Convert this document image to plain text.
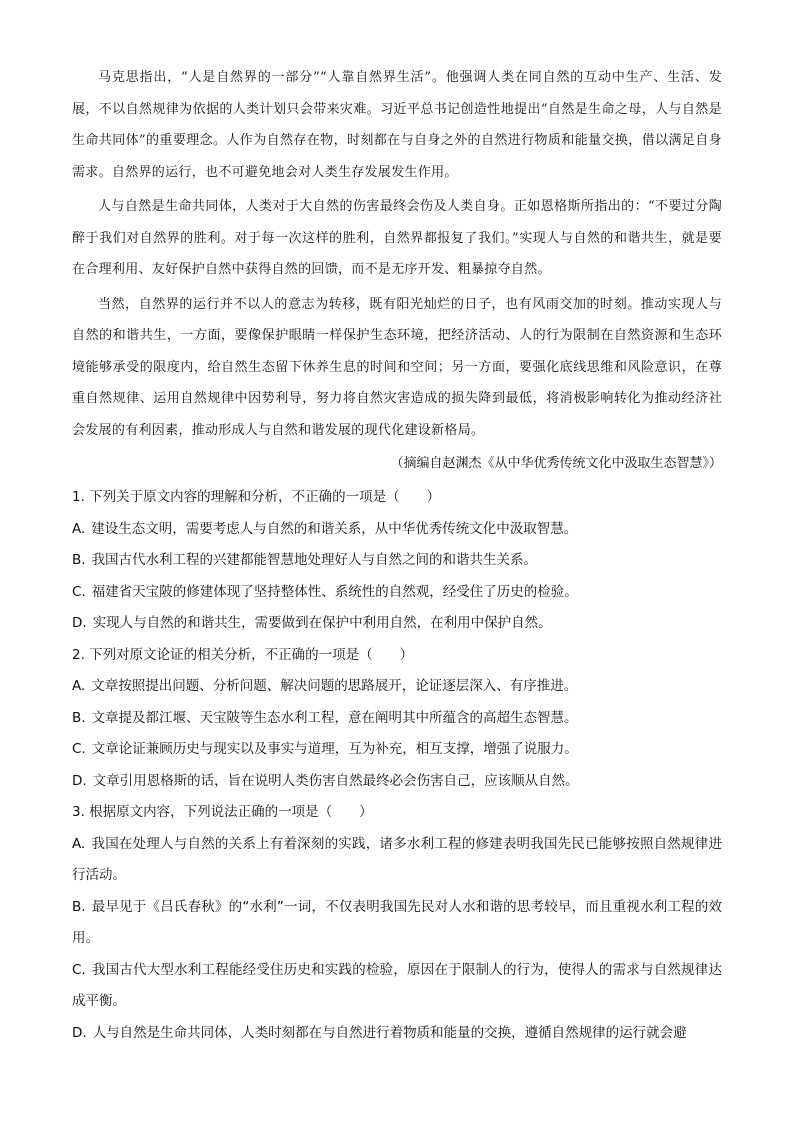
马克思指出，“人是自然界的一部分”“人靠自然界生活”。他强调人类在同自然的互动中生产、生活、发展，不以自然规律为依据的人类计划只会带来灾难。习近平总书记创造性地提出“自然是生命之母，人与自然是生命共同体”的重要理念。人作为自然存在物，时刻都在与自身之外的自然进行物质和能量交换，借以满足自身需求。自然界的运行，也不可避免地会对人类生存发展发生作用。

人与自然是生命共同体，人类对于大自然的伤害最终会伤及人类自身。正如恩格斯所指出的：“不要过分陶醉于我们对自然界的胜利。对于每一次这样的胜利，自然界都报复了我们。”实现人与自然的和谐共生，就是要在合理利用、友好保护自然中获得自然的回馈，而不是无序开发、粗暴掠夺自然。

当然，自然界的运行并不以人的意志为转移，既有阳光灿烂的日子，也有风雨交加的时刻。推动实现人与自然的和谐共生，一方面，要像保护眼睛一样保护生态环境，把经济活动、人的行为限制在自然资源和生态环境能够承受的限度内，给自然生态留下休养生息的时间和空间；另一方面，要强化底线思维和风险意识，在尊重自然规律、运用自然规律中因势利导，努力将自然灾害造成的损失降到最低，将消极影响转化为推动经济社会发展的有利因素，推动形成人与自然和谐发展的现代化建设新格局。

（摘编自赵渊杰《从中华优秀传统文化中汲取生态智慧》）

1. 下列关于原文内容的理解和分析，不正确的一项是（　　）

A. 建设生态文明，需要考虑人与自然的和谐关系，从中华优秀传统文化中汲取智慧。

B. 我国古代水利工程的兴建都能智慧地处理好人与自然之间的和谐共生关系。

C. 福建省天宝陂的修建体现了坚持整体性、系统性的自然观，经受住了历史的检验。

D. 实现人与自然的和谐共生，需要做到在保护中利用自然，在利用中保护自然。

2. 下列对原文论证的相关分析，不正确的一项是（　　）

A. 文章按照提出问题、分析问题、解决问题的思路展开，论证逐层深入、有序推进。

B. 文章提及都江堰、天宝陂等生态水利工程，意在阐明其中所蕴含的高超生态智慧。

C. 文章论证兼顾历史与现实以及事实与道理，互为补充，相互支撑，增强了说服力。

D. 文章引用恩格斯的话，旨在说明人类伤害自然最终必会伤害自己，应该顺从自然。

3. 根据原文内容，下列说法正确的一项是（　　）

A. 我国在处理人与自然的关系上有着深刻的实践，诸多水利工程的修建表明我国先民已能够按照自然规律进行活动。

B. 最早见于《吕氏春秋》的“水利”一词，不仅表明我国先民对人水和谐的思考较早，而且重视水利工程的效用。

C. 我国古代大型水利工程能经受住历史和实践的检验，原因在于限制人的行为，使得人的需求与自然规律达成平衡。

D. 人与自然是生命共同体，人类时刻都在与自然进行着物质和能量的交换，遵循自然规律的运行就会避
